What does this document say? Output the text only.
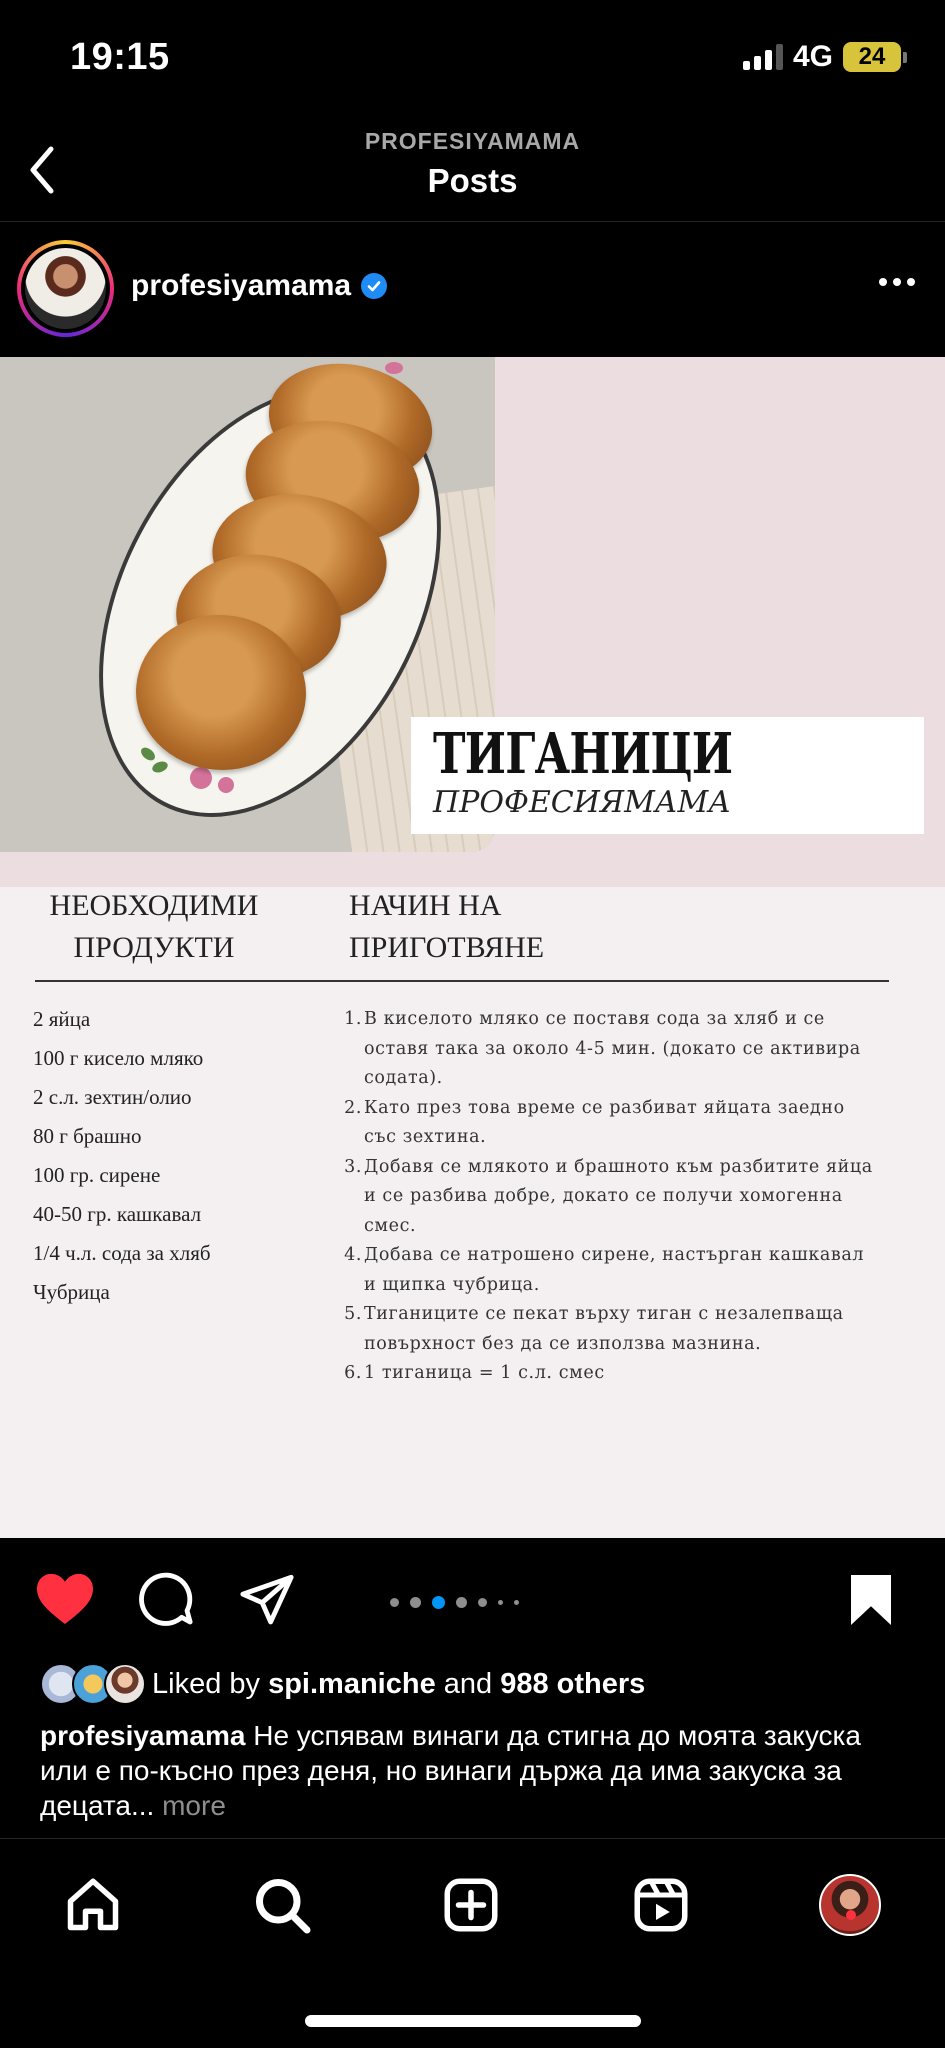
19:15	4G 24
PROFESIYAMAMA
Posts
profesiyamama
ТИГАНИЦИ
ПРОФЕСИЯМАМА
НЕОБХОДИМИ
ПРОДУКТИ
НАЧИН НА
ПРИГОТВЯНЕ
2 яйца
100 г кисело мляко
2 с.л. зехтин/олио
80 г брашно
100 гр. сирене
40-50 гр. кашкавал
1/4 ч.л. сода за хляб
Чубрица
1. В киселото мляко се поставя сода за хляб и се
оставя така за около 4-5 мин. (докато се активира
содата).
2. Като през това време се разбиват яйцата заедно
със зехтина.
3. Добавя се млякото и брашното към разбитите яйца
и се разбива добре, докато се получи хомогенна
смес.
4. Добава се натрошено сирене, настърган кашкавал
и щипка чубрица.
5. Тиганиците се пекат върху тиган с незалепваща
повърхност без да се използва мазнина.
6. 1 тиганица = 1 с.л. смес
Liked by
spi.maniche
and
988 others
profesiyamama Не успявам винаги да стигна до моята закуска или е по-късно през деня, но винаги държа да има закуска за децата... more
